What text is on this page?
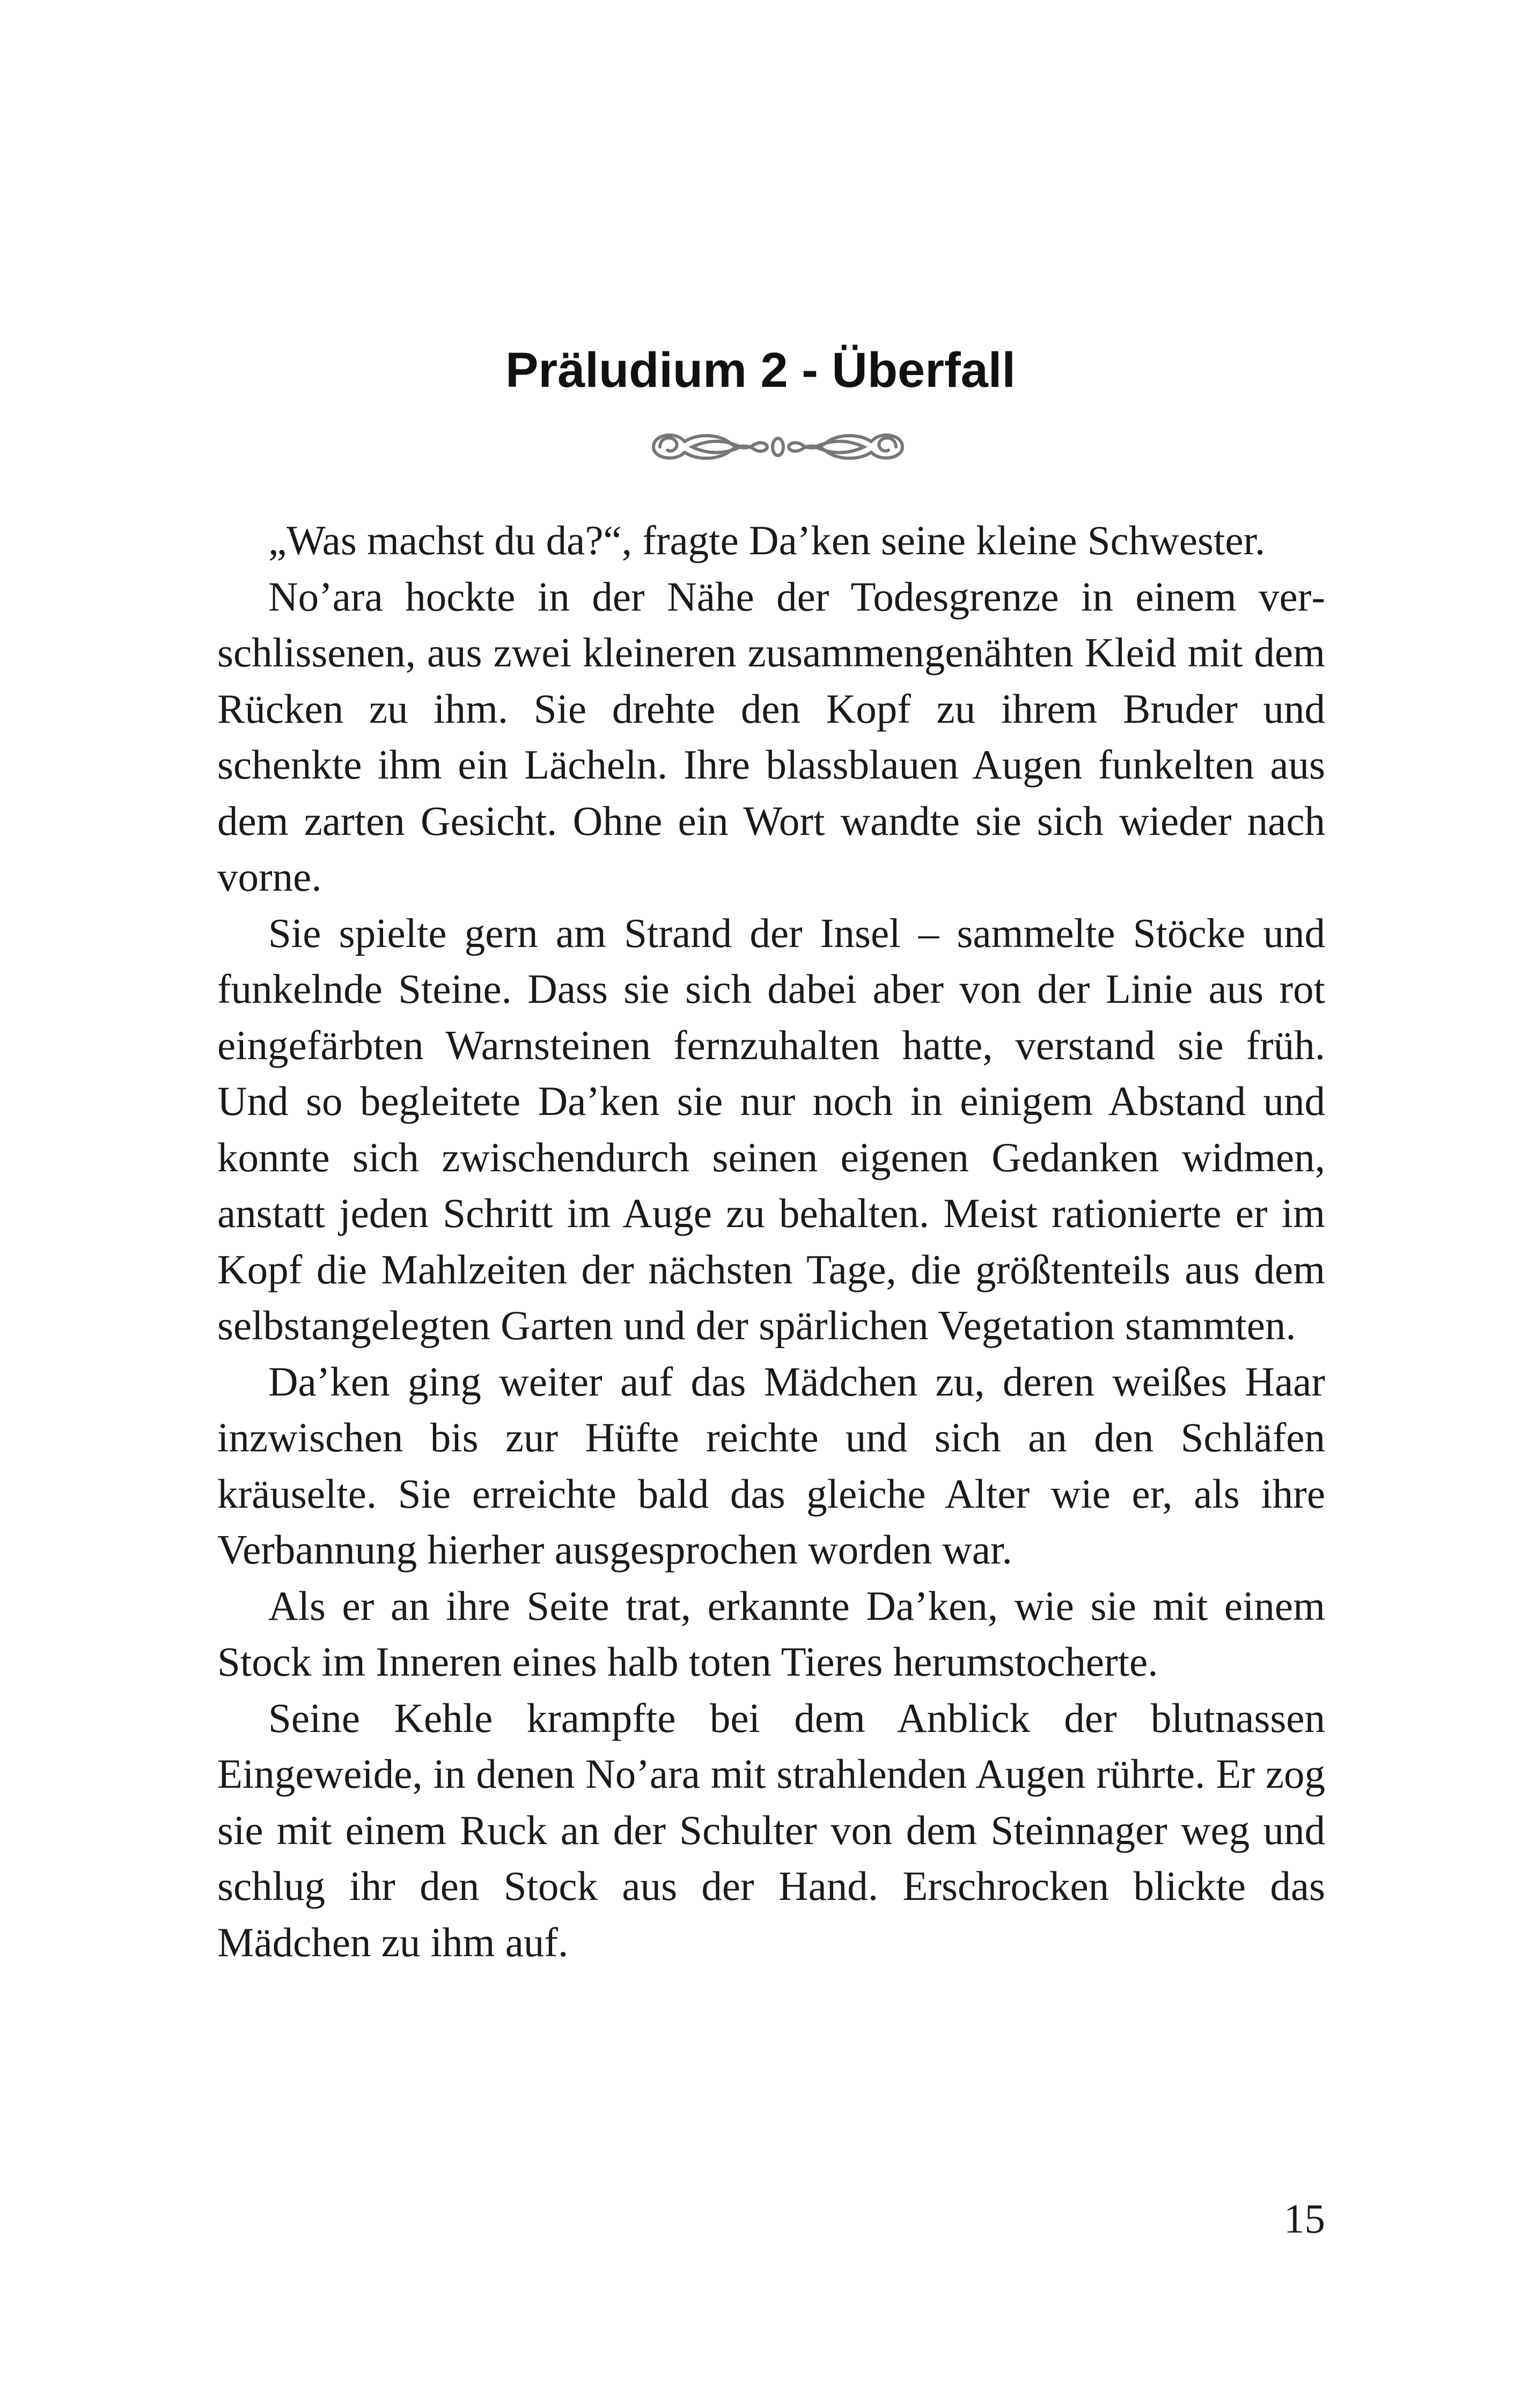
Präludium 2 - Überfall

„Was machst du da?“, fragte Da’ken seine kleine Schwester.

No’ara hockte in der Nähe der Todesgrenze in einem verschlissenen, aus zwei kleineren zusammengenähten Kleid mit dem Rücken zu ihm. Sie drehte den Kopf zu ihrem Bruder und schenkte ihm ein Lächeln. Ihre blassblauen Augen funkelten aus dem zarten Gesicht. Ohne ein Wort wandte sie sich wieder nach vorne.

Sie spielte gern am Strand der Insel – sammelte Stöcke und funkelnde Steine. Dass sie sich dabei aber von der Linie aus rot eingefärbten Warnsteinen fernzuhalten hatte, verstand sie früh. Und so begleitete Da’ken sie nur noch in einigem Abstand und konnte sich zwischendurch seinen eigenen Gedanken widmen, anstatt jeden Schritt im Auge zu behalten. Meist rationierte er im Kopf die Mahlzeiten der nächsten Tage, die größtenteils aus dem selbstangelegten Garten und der spärlichen Vegetation stammten.

Da’ken ging weiter auf das Mädchen zu, deren weißes Haar inzwischen bis zur Hüfte reichte und sich an den Schläfen kräuselte. Sie erreichte bald das gleiche Alter wie er, als ihre Verbannung hierher ausgesprochen worden war.

Als er an ihre Seite trat, erkannte Da’ken, wie sie mit einem Stock im Inneren eines halb toten Tieres herumstocherte.

Seine Kehle krampfte bei dem Anblick der blutnassen Eingeweide, in denen No’ara mit strahlenden Augen rührte. Er zog sie mit einem Ruck an der Schulter von dem Steinnager weg und schlug ihr den Stock aus der Hand. Erschrocken blickte das Mädchen zu ihm auf.

15
